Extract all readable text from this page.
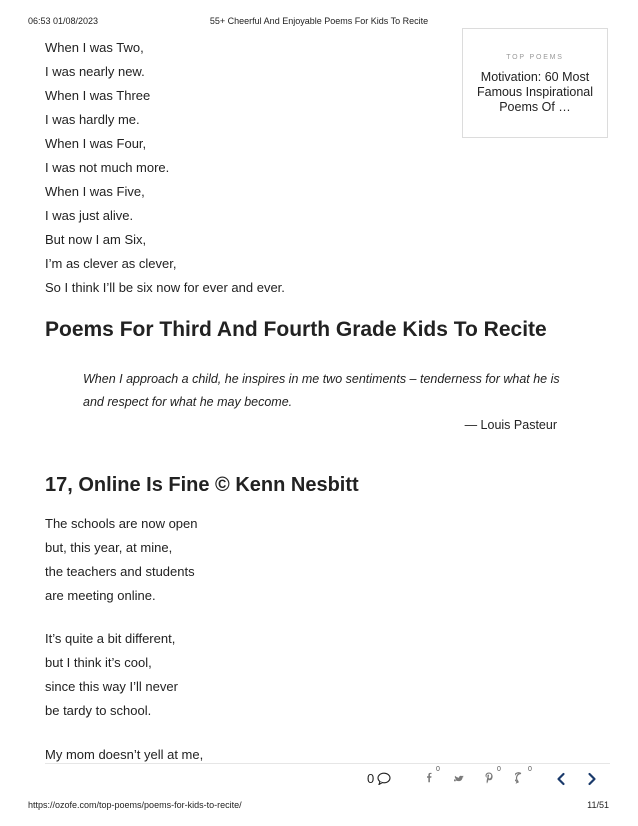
06:53 01/08/2023	55+ Cheerful And Enjoyable Poems For Kids To Recite
When I was Two,
I was nearly new.
When I was Three
I was hardly me.
When I was Four,
I was not much more.
When I was Five,
I was just alive.
But now I am Six,
I’m as clever as clever,
So I think I’ll be six now for ever and ever.
TOP POEMS
Motivation: 60 Most Famous Inspirational Poems Of …
Poems For Third And Fourth Grade Kids To Recite
When I approach a child, he inspires in me two sentiments – tenderness for what he is and respect for what he may become.
— Louis Pasteur
17, Online Is Fine © Kenn Nesbitt
The schools are now open
but, this year, at mine,
the teachers and students
are meeting online.
It’s quite a bit different,
but I think it’s cool,
since this way I’ll never
be tardy to school.
My mom doesn’t yell at me,
0
0	0	0
https://ozofe.com/top-poems/poems-for-kids-to-recite/	11/51
